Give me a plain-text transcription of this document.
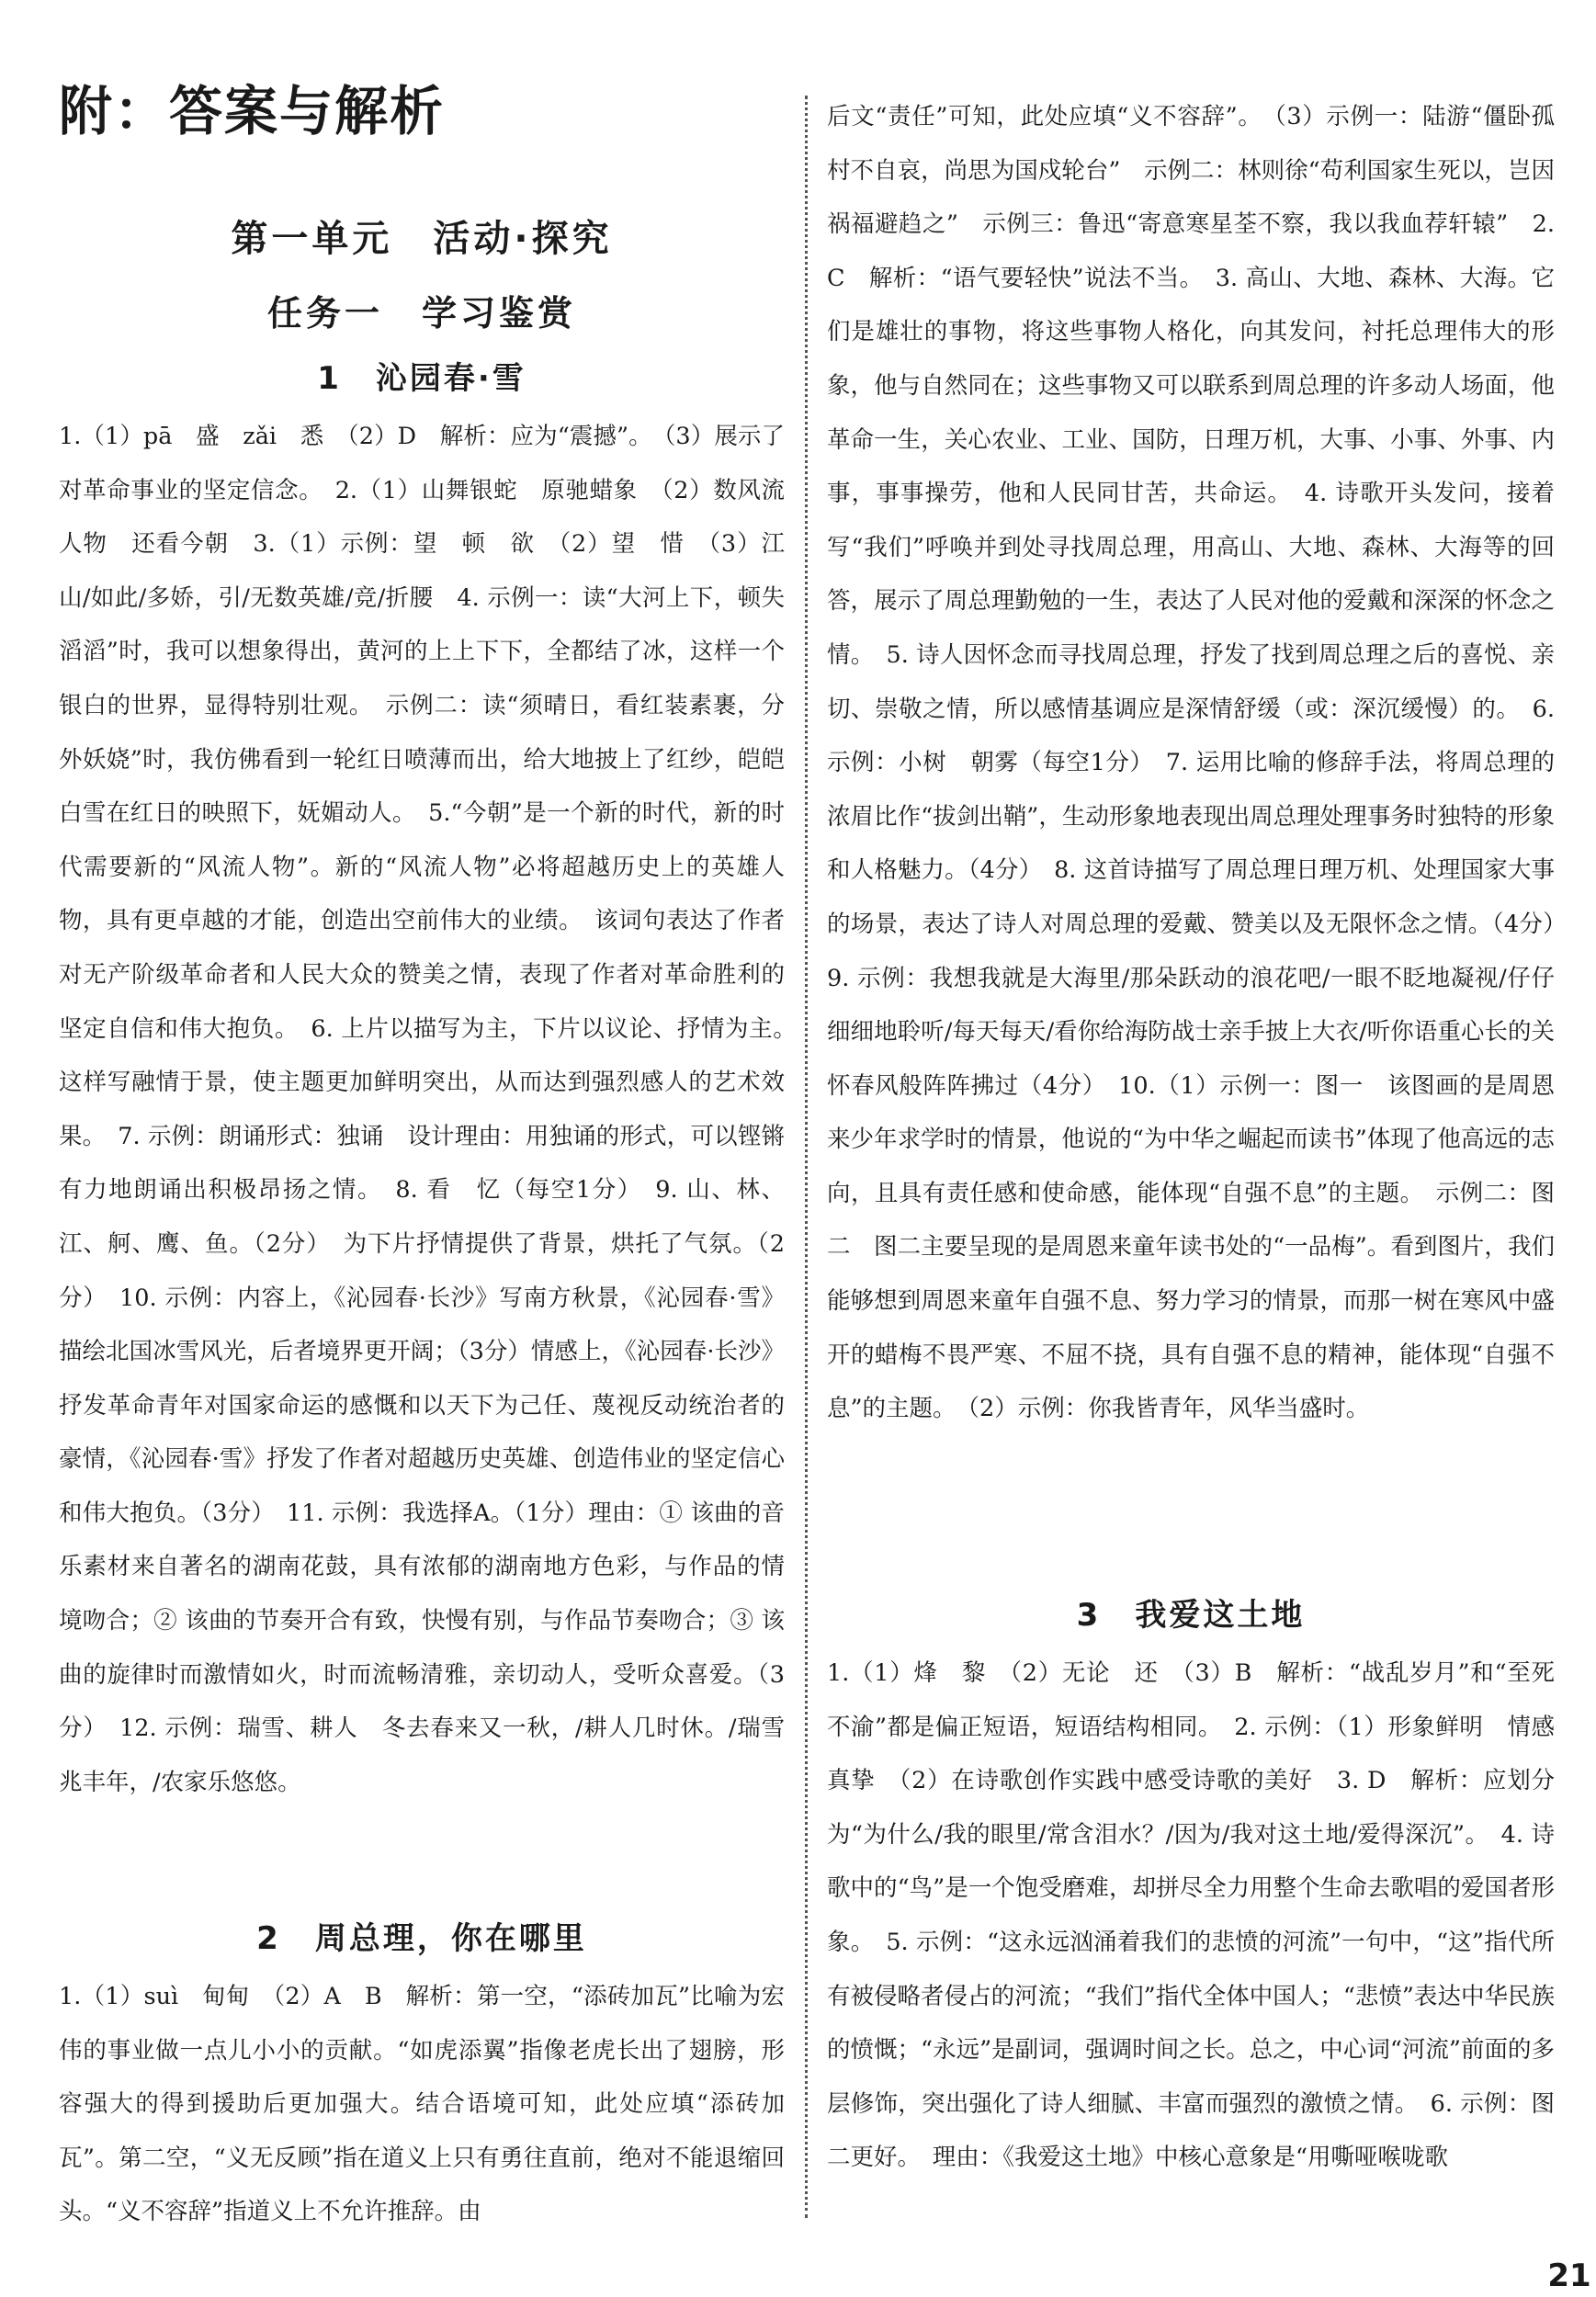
附：答案与解析
第一单元　活动·探究
任务一　学习鉴赏
1　沁园春·雪
1.（1）pā　盛　zǎi　悉　（2）D　解析：应为“震撼”。　（3）展示了对革命事业的坚定信念。　2.（1）山舞银蛇　原驰蜡象　（2）数风流人物　还看今朝　3.（1）示例：望　顿　欲　（2）望　惜　（3）江山/如此/多娇，引/无数英雄/竞/折腰　4. 示例一：读“大河上下，顿失滔滔”时，我可以想象得出，黄河的上上下下，全都结了冰，这样一个银白的世界，显得特别壮观。　示例二：读“须晴日，看红装素裹，分外妖娆”时，我仿佛看到一轮红日喷薄而出，给大地披上了红纱，皑皑白雪在红日的映照下，妩媚动人。　5.“今朝”是一个新的时代，新的时代需要新的“风流人物”。新的“风流人物”必将超越历史上的英雄人物，具有更卓越的才能，创造出空前伟大的业绩。　该词句表达了作者对无产阶级革命者和人民大众的赞美之情，表现了作者对革命胜利的坚定自信和伟大抱负。　6. 上片以描写为主，下片以议论、抒情为主。　这样写融情于景，使主题更加鲜明突出，从而达到强烈感人的艺术效果。　7. 示例：朗诵形式：独诵　设计理由：用独诵的形式，可以铿锵有力地朗诵出积极昂扬之情。　8. 看　忆（每空1分）　9. 山、林、江、舸、鹰、鱼。（2分）　为下片抒情提供了背景，烘托了气氛。（2分）　10. 示例：内容上，《沁园春·长沙》写南方秋景，《沁园春·雪》描绘北国冰雪风光，后者境界更开阔；（3分）情感上，《沁园春·长沙》抒发革命青年对国家命运的感慨和以天下为己任、蔑视反动统治者的豪情，《沁园春·雪》抒发了作者对超越历史英雄、创造伟业的坚定信心和伟大抱负。（3分）　11. 示例：我选择A。（1分）理由：① 该曲的音乐素材来自著名的湖南花鼓，具有浓郁的湖南地方色彩，与作品的情境吻合；② 该曲的节奏开合有致，快慢有别，与作品节奏吻合；③ 该曲的旋律时而激情如火，时而流畅清雅，亲切动人，受听众喜爱。（3分）　12. 示例：瑞雪、耕人　冬去春来又一秋，/耕人几时休。/瑞雪兆丰年，/农家乐悠悠。
2　周总理，你在哪里
1.（1）suì　甸甸　（2）A　B　解析：第一空，“添砖加瓦”比喻为宏伟的事业做一点儿小小的贡献。“如虎添翼”指像老虎长出了翅膀，形容强大的得到援助后更加强大。结合语境可知，此处应填“添砖加瓦”。第二空，“义无反顾”指在道义上只有勇往直前，绝对不能退缩回头。“义不容辞”指道义上不允许推辞。由
后文“责任”可知，此处应填“义不容辞”。　（3）示例一：陆游“僵卧孤村不自哀，尚思为国戍轮台”　示例二：林则徐“苟利国家生死以，岂因祸福避趋之”　示例三：鲁迅“寄意寒星荃不察，我以我血荐轩辕”　2. C　解析：“语气要轻快”说法不当。　3. 高山、大地、森林、大海。它们是雄壮的事物，将这些事物人格化，向其发问，衬托总理伟大的形象，他与自然同在；这些事物又可以联系到周总理的许多动人场面，他革命一生，关心农业、工业、国防，日理万机，大事、小事、外事、内事，事事操劳，他和人民同甘苦，共命运。　4. 诗歌开头发问，接着写“我们”呼唤并到处寻找周总理，用高山、大地、森林、大海等的回答，展示了周总理勤勉的一生，表达了人民对他的爱戴和深深的怀念之情。　5. 诗人因怀念而寻找周总理，抒发了找到周总理之后的喜悦、亲切、崇敬之情，所以感情基调应是深情舒缓（或：深沉缓慢）的。　6. 示例：小树　朝雾（每空1分）　7. 运用比喻的修辞手法，将周总理的浓眉比作“拔剑出鞘”，生动形象地表现出周总理处理事务时独特的形象和人格魅力。（4分）　8. 这首诗描写了周总理日理万机、处理国家大事的场景，表达了诗人对周总理的爱戴、赞美以及无限怀念之情。（4分）　9. 示例：我想我就是大海里/那朵跃动的浪花吧/一眼不眨地凝视/仔仔细细地聆听/每天每天/看你给海防战士亲手披上大衣/听你语重心长的关怀春风般阵阵拂过（4分）　10.（1）示例一：图一　该图画的是周恩来少年求学时的情景，他说的“为中华之崛起而读书”体现了他高远的志向，且具有责任感和使命感，能体现“自强不息”的主题。　示例二：图二　图二主要呈现的是周恩来童年读书处的“一品梅”。看到图片，我们能够想到周恩来童年自强不息、努力学习的情景，而那一树在寒风中盛开的蜡梅不畏严寒、不屈不挠，具有自强不息的精神，能体现“自强不息”的主题。　（2）示例：你我皆青年，风华当盛时。
3　我爱这土地
1.（1）烽　黎　（2）无论　还　（3）B　解析：“战乱岁月”和“至死不渝”都是偏正短语，短语结构相同。　2. 示例：（1）形象鲜明　情感真挚　（2）在诗歌创作实践中感受诗歌的美好　3. D　解析：应划分为“为什么/我的眼里/常含泪水？/因为/我对这土地/爱得深沉”。　4. 诗歌中的“鸟”是一个饱受磨难，却拼尽全力用整个生命去歌唱的爱国者形象。　5. 示例：“这永远汹涌着我们的悲愤的河流”一句中，“这”指代所有被侵略者侵占的河流；“我们”指代全体中国人；“悲愤”表达中华民族的愤慨；“永远”是副词，强调时间之长。总之，中心词“河流”前面的多层修饰，突出强化了诗人细腻、丰富而强烈的激愤之情。　6. 示例：图二更好。　理由：《我爱这土地》中核心意象是“用嘶哑喉咙歌
21
